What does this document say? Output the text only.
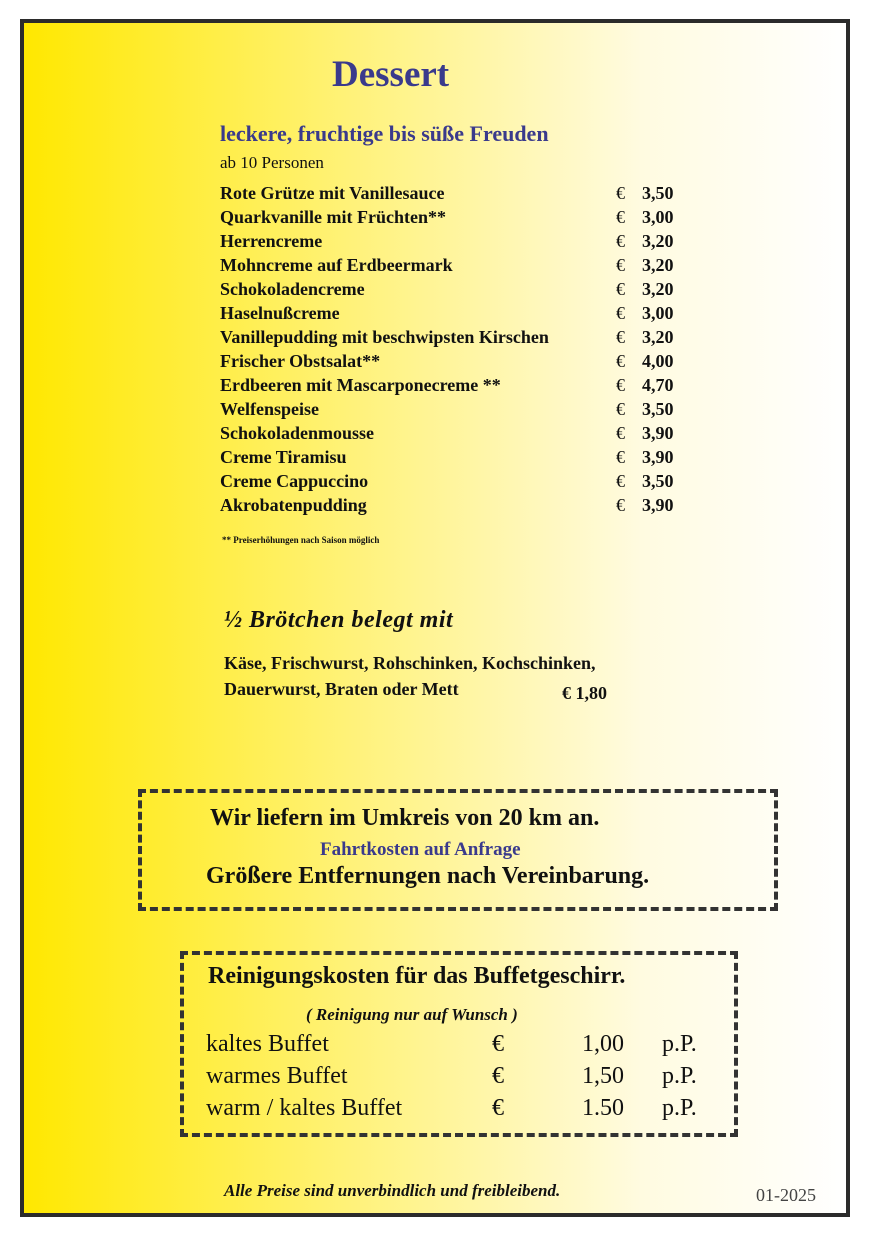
Dessert
leckere, fruchtige bis süße Freuden
ab 10 Personen
Rote Grütze mit Vanillesauce	€ 3,50
Quarkvanille mit Früchten**	€ 3,00
Herrencreme	€ 3,20
Mohncreme auf Erdbeermark	€ 3,20
Schokoladencreme	€ 3,20
Haselnußcreme	€ 3,00
Vanillepudding mit beschwipsten Kirschen	€ 3,20
Frischer Obstsalat**	€ 4,00
Erdbeeren mit Mascarponecreme **	€ 4,70
Welfenspeise	€ 3,50
Schokoladenmousse	€ 3,90
Creme Tiramisu	€ 3,90
Creme Cappuccino	€ 3,50
Akrobatenpudding	€ 3,90
** Preiserhöhungen nach Saison möglich
½ Brötchen belegt mit
Käse, Frischwurst, Rohschinken, Kochschinken,
Dauerwurst, Braten oder Mett	€ 1,80
Wir liefern im Umkreis von 20 km an.
Fahrtkosten auf Anfrage
Größere Entfernungen nach Vereinbarung.
Reinigungskosten für das Buffetgeschirr.
( Reinigung nur auf Wunsch )
kaltes Buffet	€	1,00 p.P.
warmes Buffet	€	1,50 p.P.
warm / kaltes Buffet	€	1.50 p.P.
Alle Preise sind unverbindlich und freibleibend.	01-2025
